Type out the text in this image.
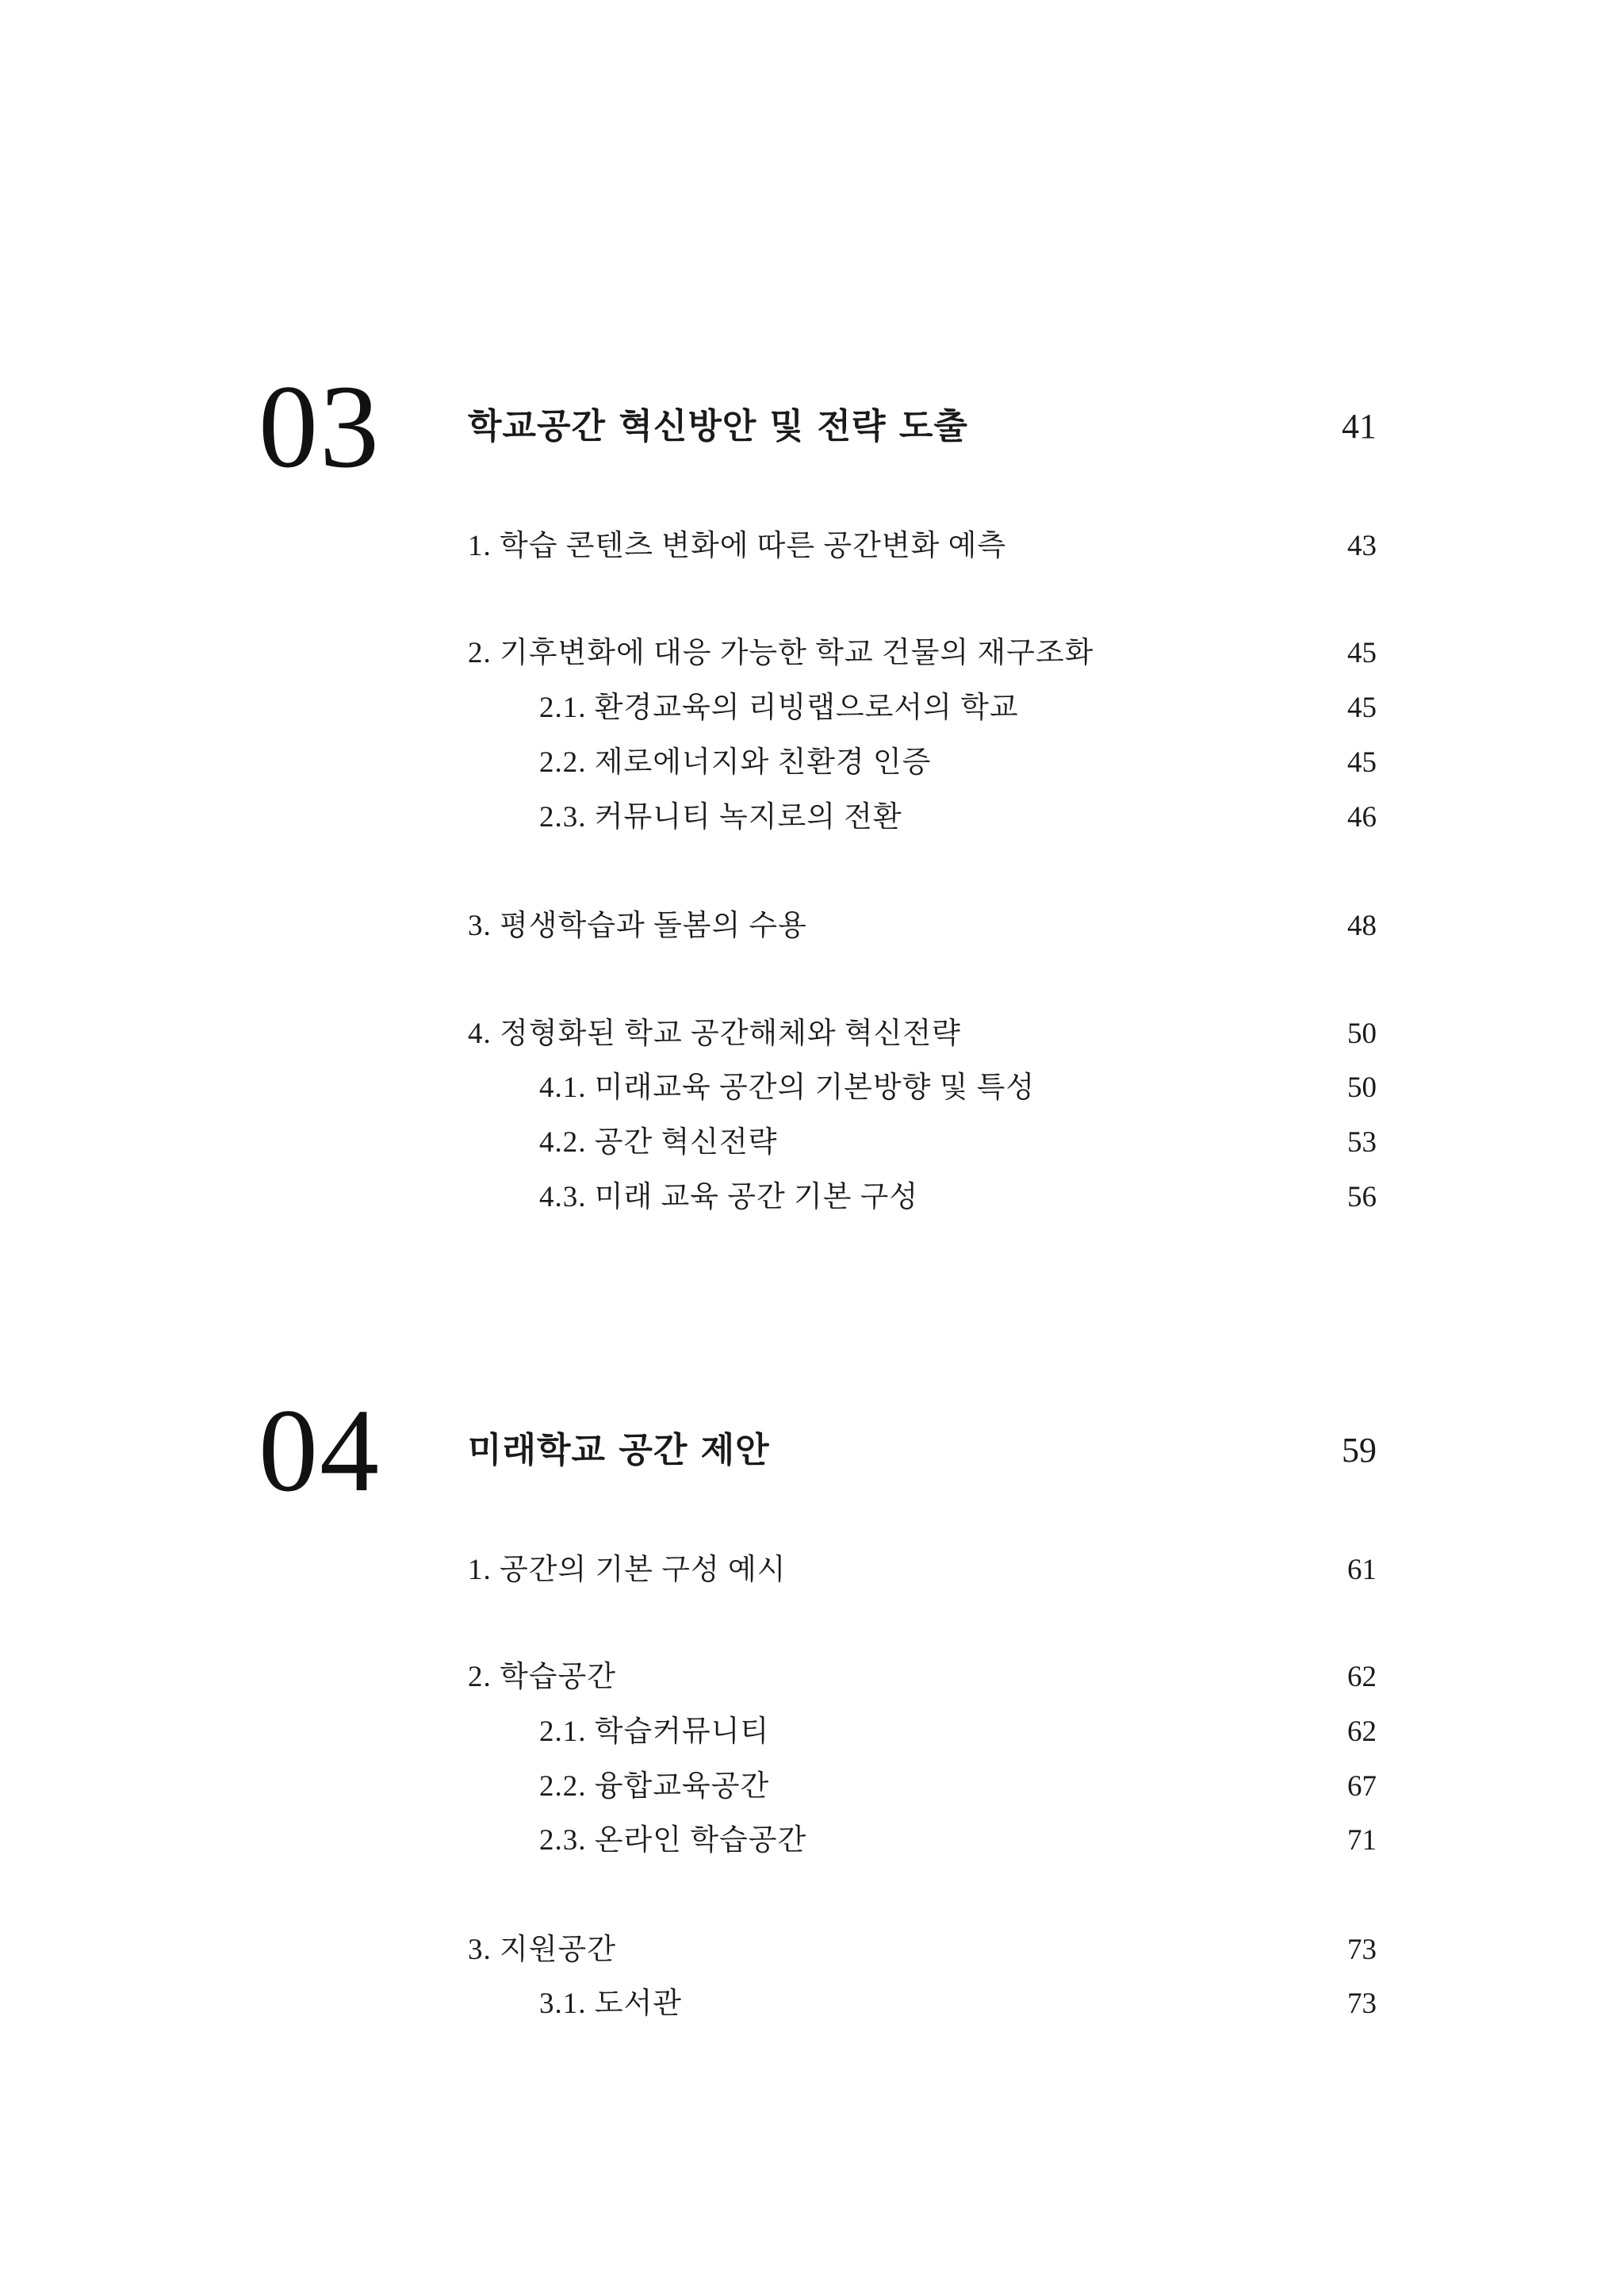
03	학교공간 혁신방안 및 전략 도출	41
1. 학습 콘텐츠 변화에 따른 공간변화 예측	43
2. 기후변화에 대응 가능한 학교 건물의 재구조화	45
2.1. 환경교육의 리빙랩으로서의 학교	45
2.2. 제로에너지와 친환경 인증	45
2.3. 커뮤니티 녹지로의 전환	46
3. 평생학습과 돌봄의 수용	48
4. 정형화된 학교 공간해체와 혁신전략	50
4.1. 미래교육 공간의 기본방향 및 특성	50
4.2. 공간 혁신전략	53
4.3. 미래 교육 공간 기본 구성	56
04	미래학교 공간 제안	59
1. 공간의 기본 구성 예시	61
2. 학습공간	62
2.1. 학습커뮤니티	62
2.2. 융합교육공간	67
2.3. 온라인 학습공간	71
3. 지원공간	73
3.1. 도서관	73
